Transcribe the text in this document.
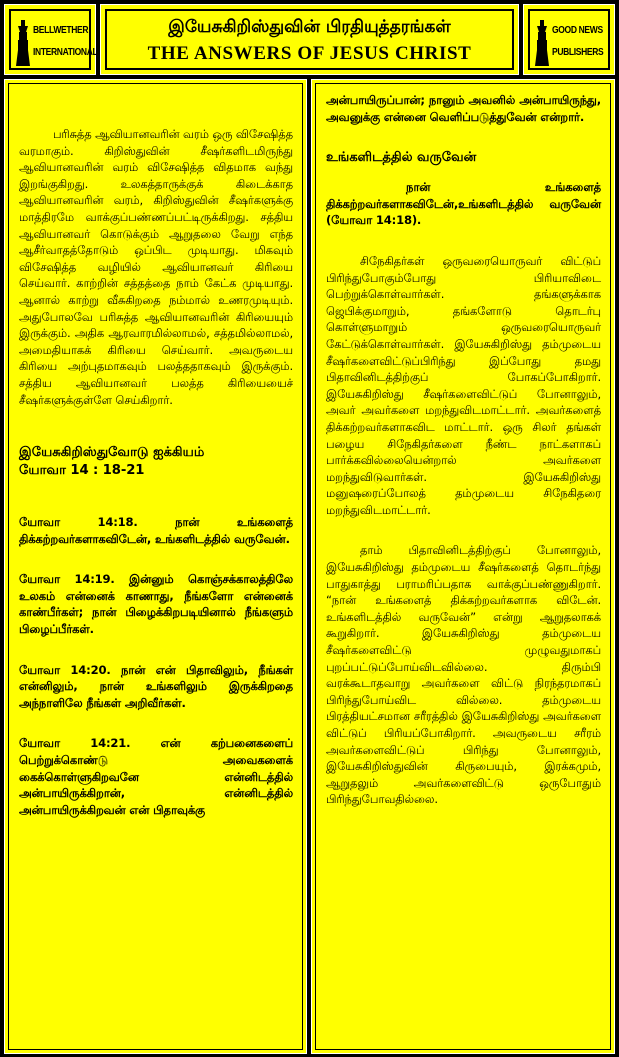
BELLWETHER
INTERNATIONAL
இயேசுகிறிஸ்துவின் பிரதியுத்தரங்கள்
THE ANSWERS OF JESUS CHRIST
GOOD NEWS
PUBLISHERS

பரிசுத்த ஆவியானவரின் வரம் ஒரு விசேஷித்த வரமாகும். கிறிஸ்துவின் சீஷர்களிடமிருந்து ஆவியானவரின் வரம் விசேஷித்த விதமாக வந்து இறங்குகிறது. உலகத்தாருக்குக் கிடைக்காத ஆவியானவரின் வரம், கிறிஸ்துவின் சீஷர்களுக்கு மாத்திரமே வாக்குப்பண்ணப்பட்டிருக்கிறது. சத்திய ஆவியானவர் கொடுக்கும் ஆறுதலை வேறு எந்த ஆசீர்வாதத்தோடும் ஒப்பிட முடியாது. மிகவும் விசேஷித்த வழியில் ஆவியானவர் கிரியை செய்வார். காற்றின் சத்தத்தை நாம் கேட்க முடியாது. ஆனால் காற்று வீசுகிறதை நம்மால் உணரமுடியும். அதுபோலவே பரிசுத்த ஆவியானவரின் கிரியையும் இருக்கும். அதிக ஆரவாரமில்லாமல், சத்தமில்லாமல், அமைதியாகக் கிரியை செய்வார். அவருடைய கிரியை அற்புதமாகவும் பலத்ததாகவும் இருக்கும். சத்திய ஆவியானவர் பலத்த கிரியையைச் சீஷர்களுக்குள்ளே செய்கிறார்.

இயேசுகிறிஸ்துவோடு ஐக்கியம்

யோவா 14 : 18-21

யோவா 14:18. நான் உங்களைத் திக்கற்றவர்களாகவிடேன், உங்களிடத்தில் வருவேன்.

யோவா 14:19. இன்னும் கொஞ்சக்காலத்திலே உலகம் என்னைக் காணாது, நீங்களோ என்னைக் காண்பீர்கள்; நான் பிழைக்கிறபடியினால் நீங்களும் பிழைப்பீர்கள்.

யோவா 14:20. நான் என் பிதாவிலும், நீங்கள் என்னிலும், நான் உங்களிலும் இருக்கிறதை அந்நாளிலே நீங்கள் அறிவீர்கள்.

யோவா 14:21. என் கற்பனைகளைப் பெற்றுக்கொண்டு அவைகளைக் கைக்கொள்ளுகிறவனே என்னிடத்தில் அன்பாயிருக்கிறான், என்னிடத்தில் அன்பாயிருக்கிறவன் என் பிதாவுக்கு

அன்பாயிருப்பான்; நானும் அவனில் அன்பாயிருந்து, அவனுக்கு என்னை வெளிப்படுத்துவேன் என்றார்.

உங்களிடத்தில் வருவேன்

நான் உங்களைத் திக்கற்றவர்களாகவிடேன்,உங்களிடத்தில் வருவேன் (யோவா 14:18).

சிநேகிதர்கள் ஒருவரையொருவர் விட்டுப் பிரிந்துபோகும்போது பிரியாவிடை பெற்றுக்கொள்வார்கள். தங்களுக்காக ஜெபிக்குமாறும், தங்களோடு தொடர்பு கொள்ளுமாறும் ஒருவரையொருவர் கேட்டுக்கொள்வார்கள். இயேசுகிறிஸ்து தம்முடைய சீஷர்களைவிட்டுப்பிரிந்து இப்போது தமது பிதாவினிடத்திற்குப் போகப்போகிறார். இயேசுகிறிஸ்து சீஷர்களைவிட்டுப் போனாலும், அவர் அவர்களை மறந்துவிடமாட்டார். அவர்களைத் திக்கற்றவர்களாகவிட மாட்டார். ஒரு சிலர் தங்கள் பழைய சிநேகிதர்களை நீண்ட நாட்களாகப் பார்க்கவில்லையென்றால் அவர்களை மறந்துவிடுவார்கள். இயேசுகிறிஸ்து மனுஷரைப்போலத் தம்முடைய சிநேகிதரை மறந்துவிடமாட்டார்.

தாம் பிதாவினிடத்திற்குப் போனாலும், இயேசுகிறிஸ்து தம்முடைய சீஷர்களைத் தொடர்ந்து பாதுகாத்து பராமரிப்பதாக வாக்குப்பண்ணுகிறார். “நான் உங்களைத் திக்கற்றவர்களாக விடேன். உங்களிடத்தில் வருவேன்” என்று ஆறுதலாகக் கூறுகிறார். இயேசுகிறிஸ்து தம்முடைய சீஷர்களைவிட்டு முழுவதுமாகப் புறப்பட்டுப்போய்விடவில்லை. திரும்பி வரக்கூடாதவாறு அவர்களை விட்டு நிரந்தரமாகப் பிரிந்துபோய்விட வில்லை. தம்முடைய பிரத்தியட்சமான சரீரத்தில் இயேசுகிறிஸ்து அவர்களை விட்டுப் பிரியப்போகிறார். அவருடைய சரீரம் அவர்களைவிட்டுப் பிரிந்து போனாலும், இயேசுகிறிஸ்துவின் கிருபையும், இரக்கமும், ஆறுதலும் அவர்களைவிட்டு ஒருபோதும் பிரிந்துபோவதில்லை.
